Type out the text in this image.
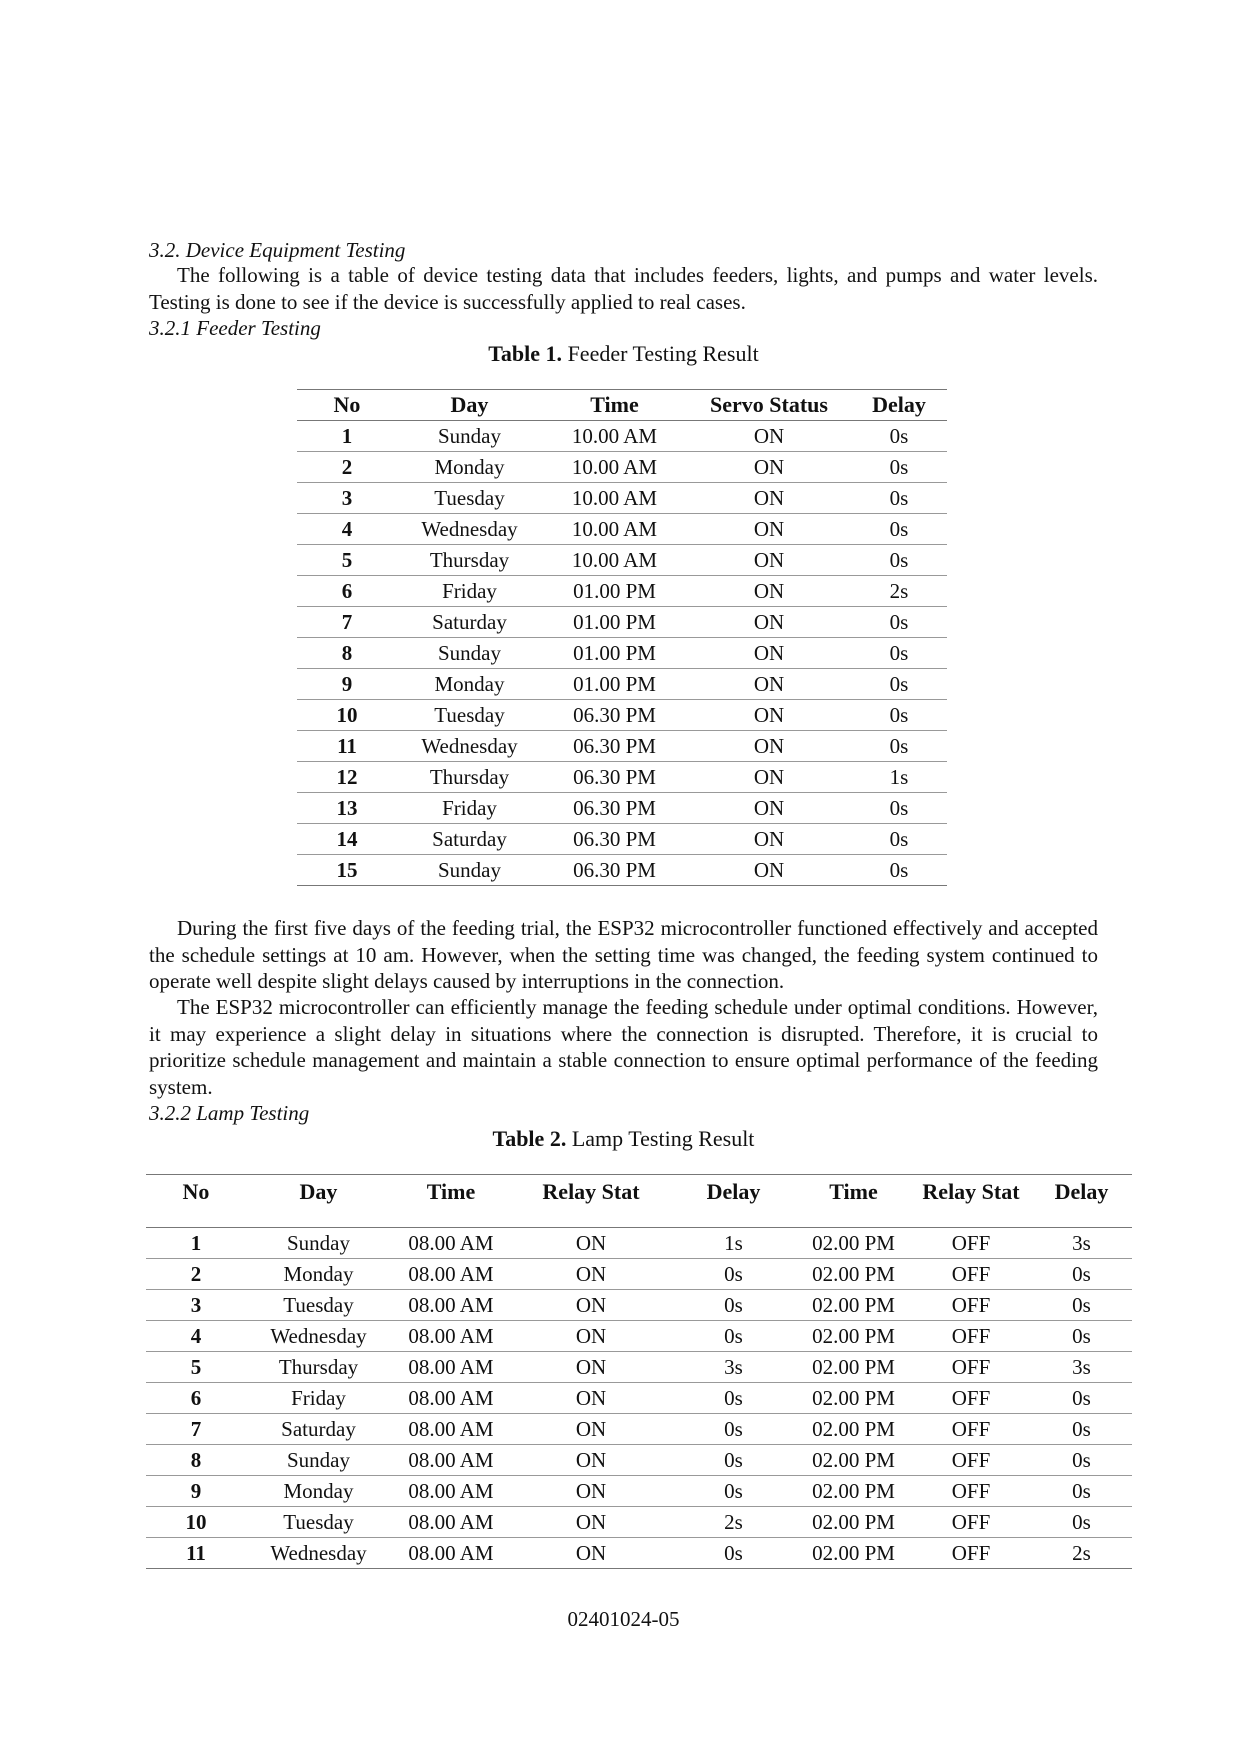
3.2. Device Equipment Testing

The following is a table of device testing data that includes feeders, lights, and pumps and water levels. Testing is done to see if the device is successfully applied to real cases.

3.2.1 Feeder Testing
Table 1. Feeder Testing Result
No	Day	Time	Servo Status	Delay
1	Sunday	10.00 AM	ON	0s
2	Monday	10.00 AM	ON	0s
3	Tuesday	10.00 AM	ON	0s
4	Wednesday	10.00 AM	ON	0s
5	Thursday	10.00 AM	ON	0s
6	Friday	01.00 PM	ON	2s
7	Saturday	01.00 PM	ON	0s
8	Sunday	01.00 PM	ON	0s
9	Monday	01.00 PM	ON	0s
10	Tuesday	06.30 PM	ON	0s
11	Wednesday	06.30 PM	ON	0s
12	Thursday	06.30 PM	ON	1s
13	Friday	06.30 PM	ON	0s
14	Saturday	06.30 PM	ON	0s
15	Sunday	06.30 PM	ON	0s

During the first five days of the feeding trial, the ESP32 microcontroller functioned effectively and accepted the schedule settings at 10 am. However, when the setting time was changed, the feeding system continued to operate well despite slight delays caused by interruptions in the connection.

The ESP32 microcontroller can efficiently manage the feeding schedule under optimal conditions. However, it may experience a slight delay in situations where the connection is disrupted. Therefore, it is crucial to prioritize schedule management and maintain a stable connection to ensure optimal performance of the feeding system.

3.2.2 Lamp Testing
Table 2. Lamp Testing Result
No	Day	Time	Relay Stat	Delay	Time	Relay Stat	Delay
1	Sunday	08.00 AM	ON	1s	02.00 PM	OFF	3s
2	Monday	08.00 AM	ON	0s	02.00 PM	OFF	0s
3	Tuesday	08.00 AM	ON	0s	02.00 PM	OFF	0s
4	Wednesday	08.00 AM	ON	0s	02.00 PM	OFF	0s
5	Thursday	08.00 AM	ON	3s	02.00 PM	OFF	3s
6	Friday	08.00 AM	ON	0s	02.00 PM	OFF	0s
7	Saturday	08.00 AM	ON	0s	02.00 PM	OFF	0s
8	Sunday	08.00 AM	ON	0s	02.00 PM	OFF	0s
9	Monday	08.00 AM	ON	0s	02.00 PM	OFF	0s
10	Tuesday	08.00 AM	ON	2s	02.00 PM	OFF	0s
11	Wednesday	08.00 AM	ON	0s	02.00 PM	OFF	2s
02401024-05
